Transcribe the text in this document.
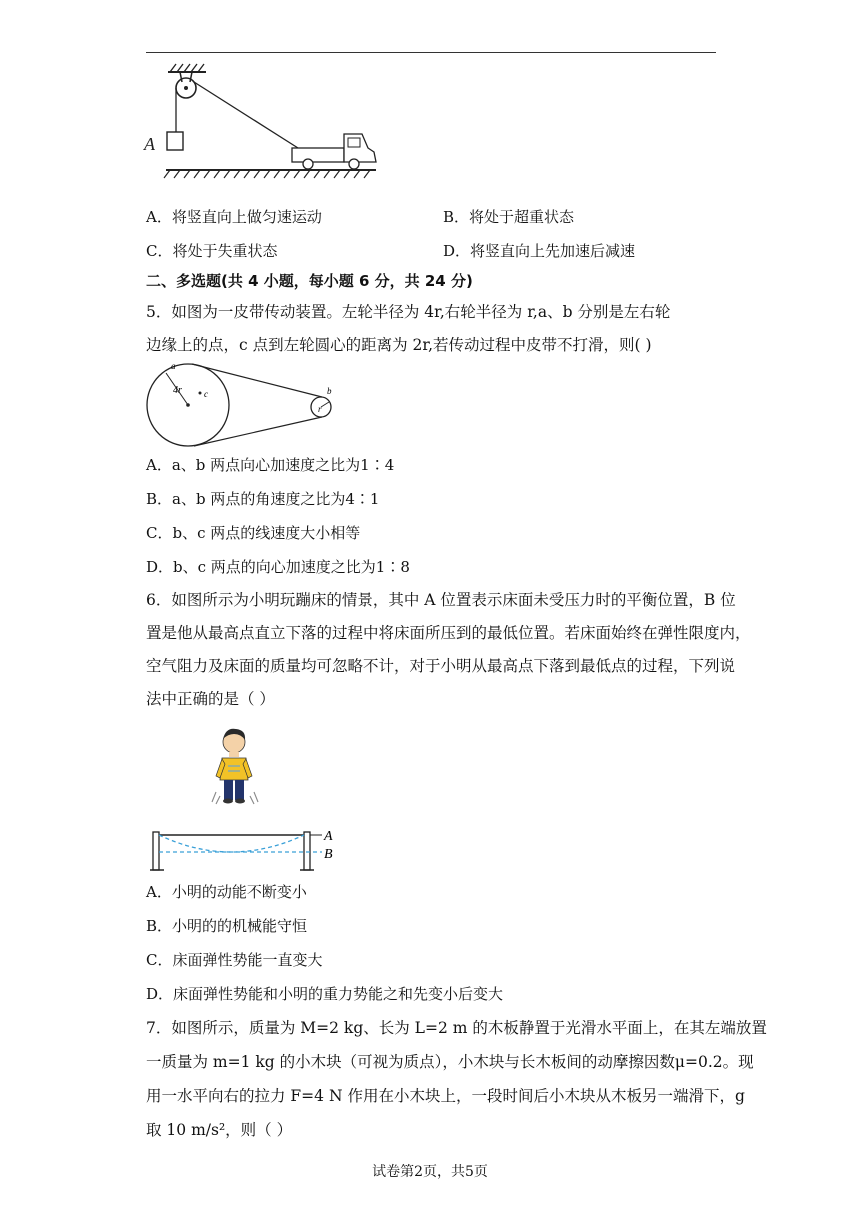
A
A．将竖直向上做匀速运动	B．将处于超重状态
C．将处于失重状态	D．将竖直向上先加速后减速
二、多选题(共 4 小题，每小题 6 分，共 24 分)
5．如图为一皮带传动装置。左轮半径为 4r,右轮半径为 r,a、b 分别是左右轮
边缘上的点，c 点到左轮圆心的距离为 2r,若传动过程中皮带不打滑，则( )
a
4r c	b
r
A．a、b 两点向心加速度之比为1∶4
B．a、b 两点的角速度之比为4∶1
C．b、c 两点的线速度大小相等
D．b、c 两点的向心加速度之比为1∶8
6．如图所示为小明玩蹦床的情景，其中 A 位置表示床面未受压力时的平衡位置，B 位
置是他从最高点直立下落的过程中将床面所压到的最低位置。若床面始终在弹性限度内，
空气阻力及床面的质量均可忽略不计，对于小明从最高点下落到最低点的过程，下列说
法中正确的是（ ）
A
B
A．小明的动能不断变小
B．小明的的机械能守恒
C．床面弹性势能一直变大
D．床面弹性势能和小明的重力势能之和先变小后变大
7．如图所示，质量为 M=2 kg、长为 L=2 m 的木板静置于光滑水平面上，在其左端放置
一质量为 m=1 kg 的小木块（可视为质点），小木块与长木板间的动摩擦因数μ=0.2。现
用一水平向右的拉力 F=4 N 作用在小木块上，一段时间后小木块从木板另一端滑下，g
取 10 m/s²，则（ ）
试卷第2页，共5页
